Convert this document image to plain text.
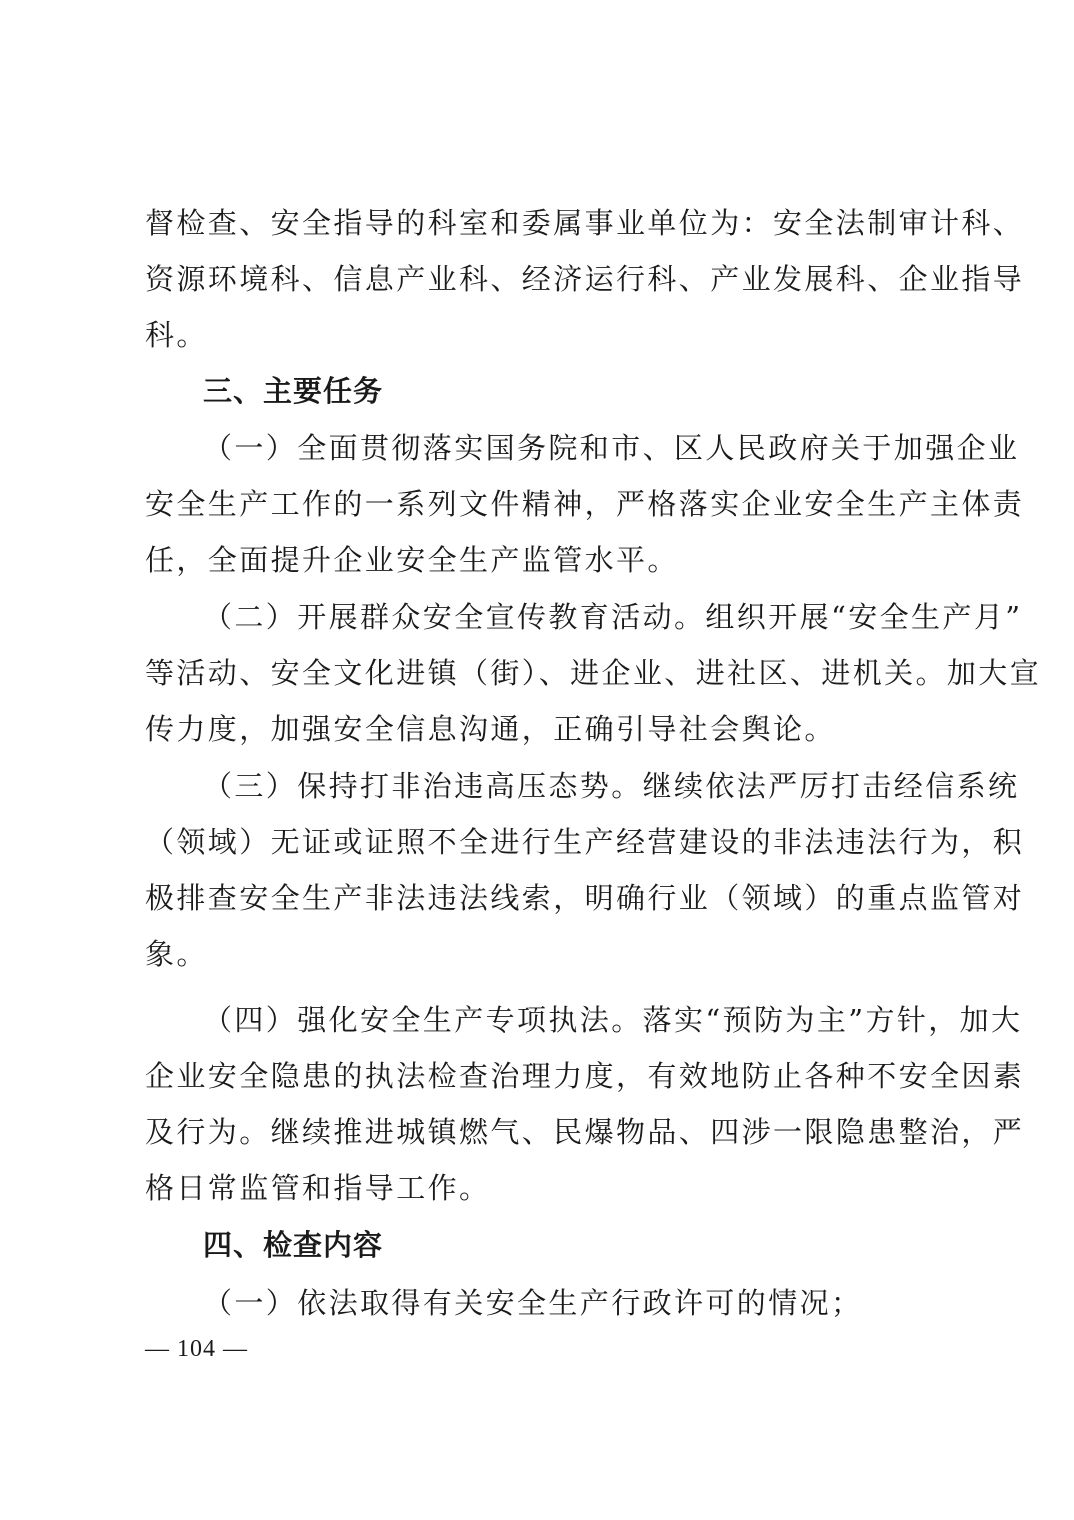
督检查、安全指导的科室和委属事业单位为：安全法制审计科、
资源环境科、信息产业科、经济运行科、产业发展科、企业指导
科。
三、主要任务
（一）全面贯彻落实国务院和市、区人民政府关于加强企业
安全生产工作的一系列文件精神，严格落实企业安全生产主体责
任，全面提升企业安全生产监管水平。
（二）开展群众安全宣传教育活动。组织开展“安全生产月”
等活动、安全文化进镇（街）、进企业、进社区、进机关。加大宣
传力度，加强安全信息沟通，正确引导社会舆论。
（三）保持打非治违高压态势。继续依法严厉打击经信系统
（领域）无证或证照不全进行生产经营建设的非法违法行为，积
极排查安全生产非法违法线索，明确行业（领域）的重点监管对
象。
（四）强化安全生产专项执法。落实“预防为主”方针，加大
企业安全隐患的执法检查治理力度，有效地防止各种不安全因素
及行为。继续推进城镇燃气、民爆物品、四涉一限隐患整治，严
格日常监管和指导工作。
四、检查内容
（一）依法取得有关安全生产行政许可的情况；
— 104 —
